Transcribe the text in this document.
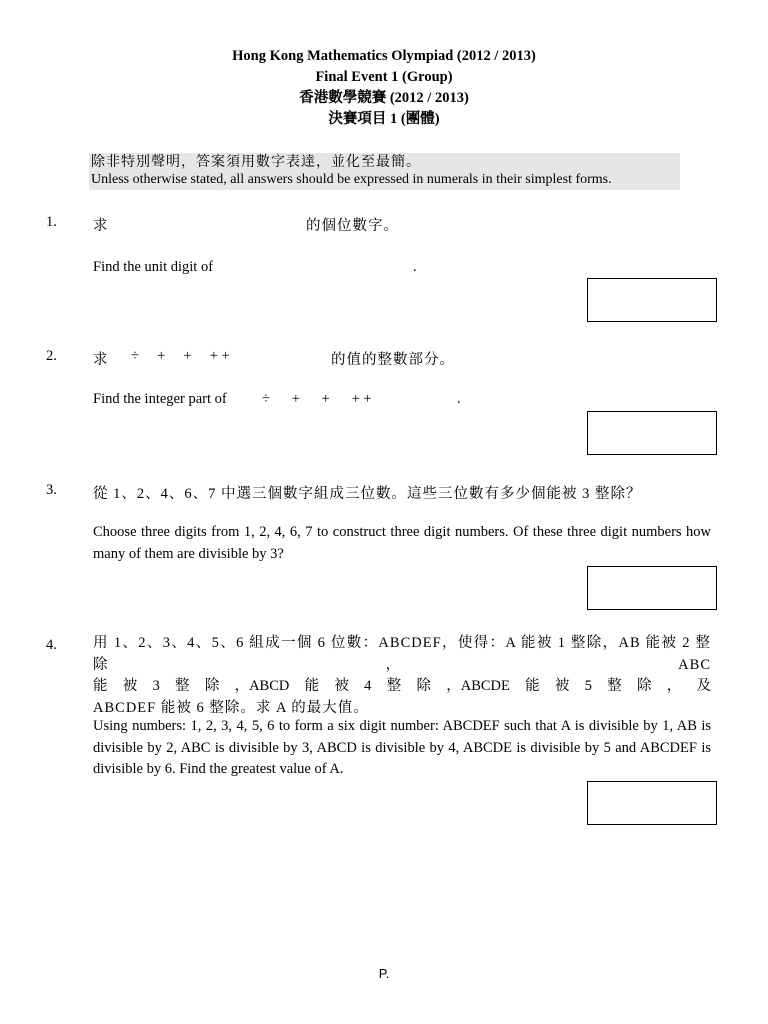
Hong Kong Mathematics Olympiad (2012 / 2013)
Final Event 1 (Group)
香港數學競賽 (2012 / 2013)
決賽項目 1 (團體)
除非特別聲明，答案須用數字表達，並化至最簡。
Unless otherwise stated, all answers should be expressed in numerals in their simplest forms.
1. 求	的個位數字。
Find the unit digit of	.
2. 求 ÷     +     +     + +	的值的整數部分。
Find the integer part of ÷      +      +      + +	.
3. 從 1、2、4、6、7 中選三個數字組成三位數。這些三位數有多少個能被 3 整除？
Choose three digits from 1, 2, 4, 6, 7 to construct three digit numbers. Of these three digit numbers how many of them are divisible by 3?
4. 用 1、2、3、4、5、6 組成一個 6 位數：ABCDEF，使得：A 能被 1 整除，AB 能被 2 整除，ABC
能 被 3 整 除 ，ABCD 能 被 4 整 除 ，ABCDE 能 被 5 整 除 ， 及
ABCDEF 能被 6 整除。求 A 的最大值。
Using numbers: 1, 2, 3, 4, 5, 6 to form a six digit number: ABCDEF such that A is divisible by 1, AB is divisible by 2, ABC is divisible by 3, ABCD is divisible by 4, ABCDE is divisible by 5 and ABCDEF is divisible by 6. Find the greatest value of A.
P.
